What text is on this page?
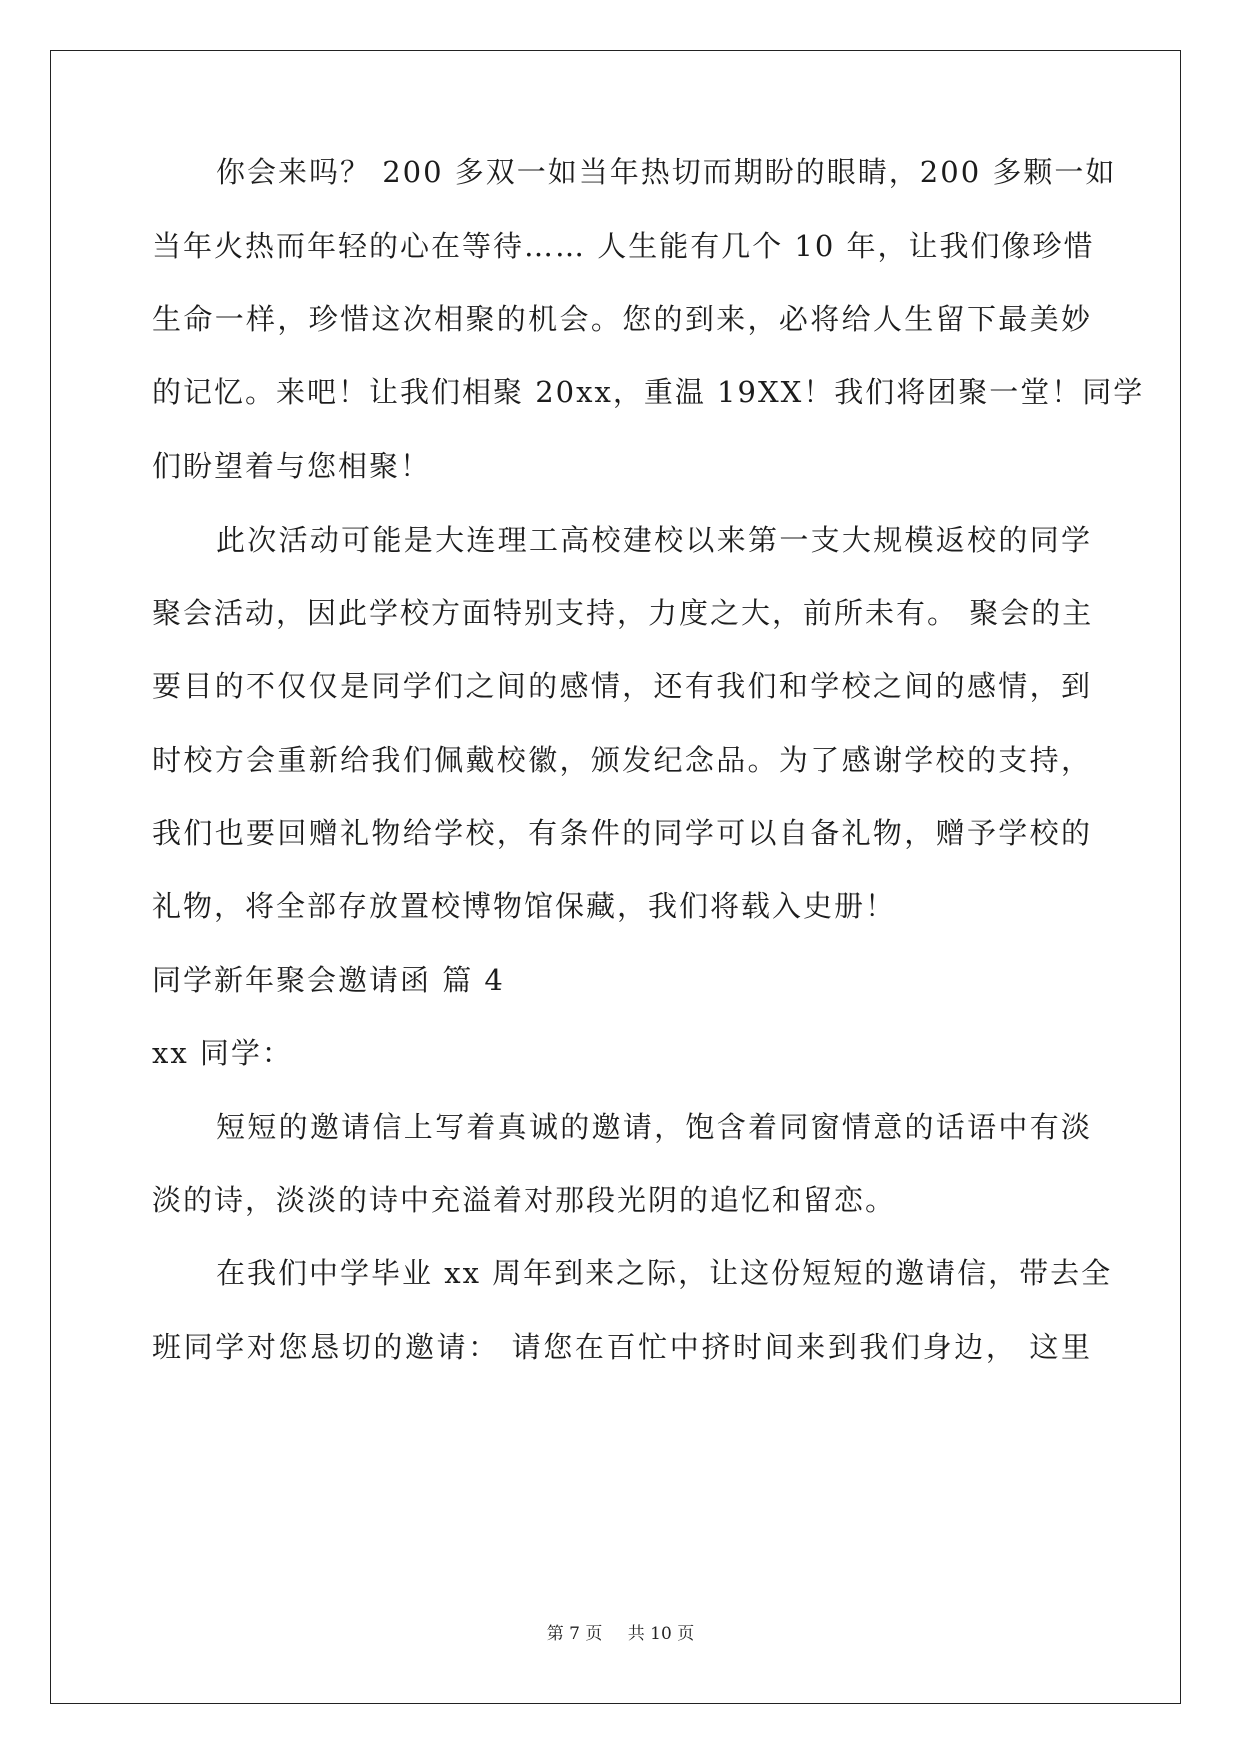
你会来吗？ 200 多双一如当年热切而期盼的眼睛，200 多颗一如
当年火热而年轻的心在等待…… 人生能有几个 10 年，让我们像珍惜
生命一样，珍惜这次相聚的机会。您的到来，必将给人生留下最美妙
的记忆。来吧！让我们相聚 20xx，重温 19XX！我们将团聚一堂！同学
们盼望着与您相聚！
此次活动可能是大连理工高校建校以来第一支大规模返校的同学
聚会活动，因此学校方面特别支持，力度之大，前所未有。 聚会的主
要目的不仅仅是同学们之间的感情，还有我们和学校之间的感情，到
时校方会重新给我们佩戴校徽，颁发纪念品。为了感谢学校的支持，
我们也要回赠礼物给学校，有条件的同学可以自备礼物，赠予学校的
礼物，将全部存放置校博物馆保藏，我们将载入史册！
同学新年聚会邀请函 篇 4
xx 同学：
短短的邀请信上写着真诚的邀请，饱含着同窗情意的话语中有淡
淡的诗，淡淡的诗中充溢着对那段光阴的追忆和留恋。
在我们中学毕业 xx 周年到来之际，让这份短短的邀请信，带去全
班同学对您恳切的邀请： 请您在百忙中挤时间来到我们身边， 这里
第 7 页 共 10 页
